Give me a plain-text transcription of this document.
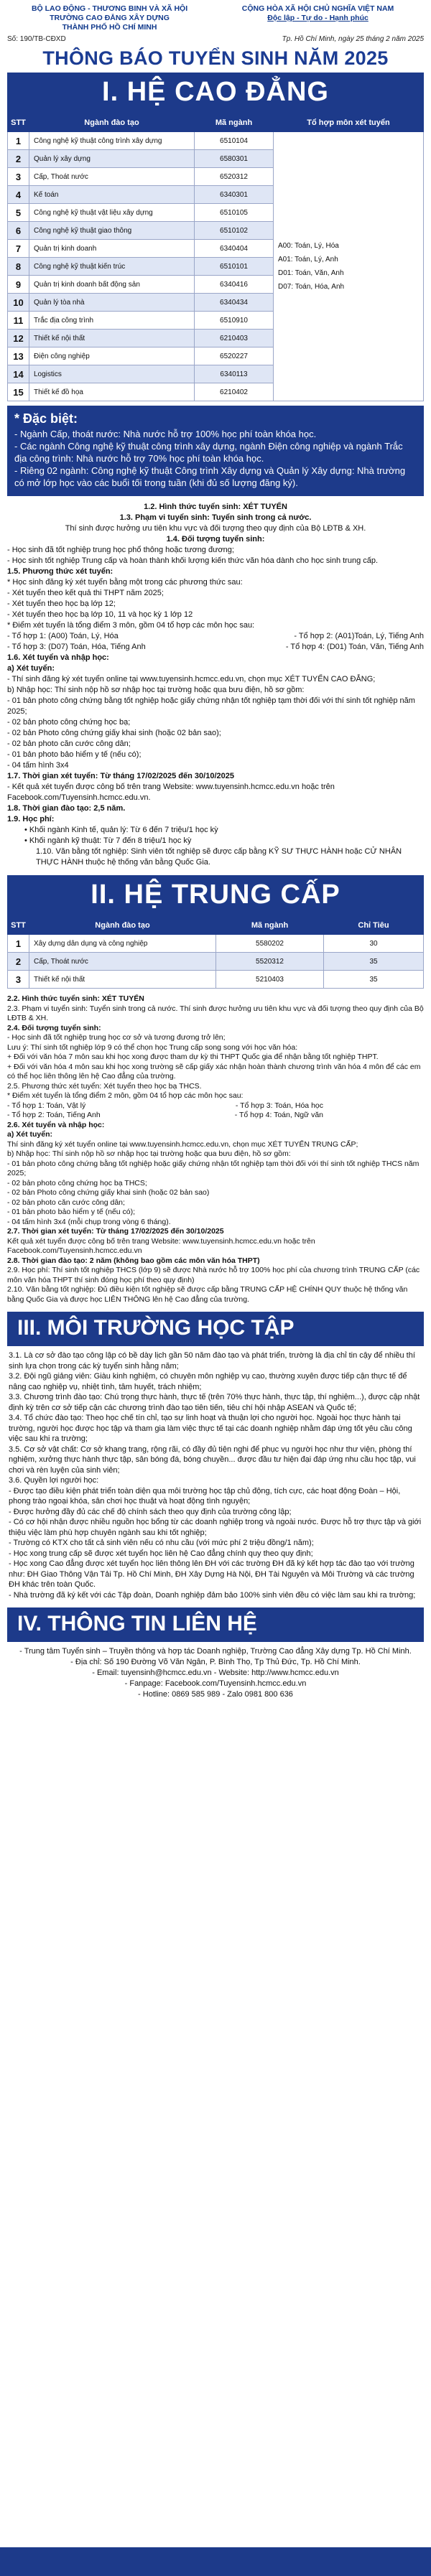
BỘ LAO ĐỘNG - THƯƠNG BINH VÀ XÃ HỘI
TRƯỜNG CAO ĐẲNG XÂY DỰNG
THÀNH PHỐ HỒ CHÍ MINH
CỘNG HÒA XÃ HỘI CHỦ NGHĨA VIỆT NAM
Độc lập - Tự do - Hạnh phúc
Số: 190/TB-CĐXD	Tp. Hồ Chí Minh, ngày 25 tháng 2 năm 2025
THÔNG BÁO TUYỂN SINH NĂM 2025
I. HỆ CAO ĐẲNG
STT	Ngành đào tạo	Mã ngành	Tổ hợp môn xét tuyển
1	Công nghệ kỹ thuật công trình xây dựng	6510104	A00: Toán, Lý, Hóa
A01: Toán, Lý, Anh
D01: Toán, Văn, Anh
D07: Toán, Hóa, Anh

2	Quản lý xây dựng	6580301	
3	Cấp, Thoát nước	6520312	
4	Kế toán	6340301	
5	Công nghệ kỹ thuật vật liệu xây dựng	6510105	
6	Công nghệ kỹ thuật giao thông	6510102	
7	Quản trị kinh doanh	6340404	
8	Công nghệ kỹ thuật kiến trúc	6510101	
9	Quản trị kinh doanh bất động sản	6340416	
10	Quản lý tòa nhà	6340434	
11	Trắc địa công trình	6510910	
12	Thiết kế nội thất	6210403	
13	Điện công nghiệp	6520227	
14	Logistics	6340113	
15	Thiết kế đồ họa	6210402	
* Đặc biệt:
- Ngành Cấp, thoát nước: Nhà nước hỗ trợ 100% học phí toàn khóa học.
- Các ngành Công nghệ kỹ thuật công trình xây dựng, ngành Điện công nghiệp và ngành Trắc địa công trình: Nhà nước hỗ trợ 70% học phí toàn khóa học.
- Riêng 02 ngành: Công nghệ kỹ thuật Công trình Xây dựng và Quản lý Xây dựng: Nhà trường có mở lớp học vào các buổi tối trong tuần (khi đủ số lượng đăng ký).

1.2. Hình thức tuyển sinh: XÉT TUYỂN

1.3. Phạm vi tuyển sinh: Tuyển sinh trong cả nước.

Thí sinh được hưởng ưu tiên khu vực và đối tượng theo quy định của Bộ LĐTB & XH.

1.4. Đối tượng tuyển sinh:

- Học sinh đã tốt nghiệp trung học phổ thông hoặc tương đương;

- Học sinh tốt nghiệp Trung cấp và hoàn thành khối lượng kiến thức văn hóa dành cho học sinh trung cấp.

1.5. Phương thức xét tuyển:

* Học sinh đăng ký xét tuyển bằng một trong các phương thức sau:

- Xét tuyển theo kết quả thi THPT năm 2025;

- Xét tuyển theo học bạ lớp 12;

- Xét tuyển theo học bạ lớp 10, 11 và học kỳ 1 lớp 12

* Điểm xét tuyển là tổng điểm 3 môn, gồm 04 tổ hợp các môn học sau:

- Tổ hợp 1: (A00) Toán, Lý, Hóa	- Tổ hợp 2: (A01)Toán, Lý, Tiếng Anh
- Tổ hợp 3: (D07) Toán, Hóa, Tiếng Anh	- Tổ hợp 4: (D01) Toán, Văn, Tiếng Anh

1.6. Xét tuyển và nhập học:

a) Xét tuyển:

- Thí sinh đăng ký xét tuyển online tại www.tuyensinh.hcmcc.edu.vn, chọn mục XÉT TUYỂN CAO ĐẲNG;

b) Nhập học: Thí sinh nộp hồ sơ nhập học tại trường hoặc qua bưu điện, hồ sơ gồm:

- 01 bản photo công chứng bằng tốt nghiệp hoặc giấy chứng nhận tốt nghiệp tạm thời đối với thí sinh tốt nghiệp năm 2025;

- 02 bản photo công chứng học bạ;

- 02 bản Photo công chứng giấy khai sinh (hoặc 02 bản sao);

- 02 bản photo căn cước công dân;

- 01 bản photo bảo hiểm y tế (nếu có);

- 04 tấm hình 3x4

1.7. Thời gian xét tuyển: Từ tháng 17/02/2025 đến 30/10/2025

- Kết quả xét tuyển được công bố trên trang Website: www.tuyensinh.hcmcc.edu.vn hoặc trên Facebook.com/Tuyensinh.hcmcc.edu.vn.

1.8. Thời gian đào tạo: 2,5 năm.

1.9. Học phí:

• Khối ngành Kinh tế, quản lý: Từ 6 đến 7 triệu/1 học kỳ

• Khối ngành kỹ thuật: Từ 7 đến 8 triệu/1 học kỳ

1.10. Văn bằng tốt nghiệp: Sinh viên tốt nghiệp sẽ được cấp bằng KỸ SƯ THỰC HÀNH hoặc CỬ NHÂN THỰC HÀNH thuộc hệ thống văn bằng Quốc Gia.

II. HỆ TRUNG CẤP
STT	Ngành đào tạo	Mã ngành	Chỉ Tiêu
1	Xây dựng dân dụng và công nghiệp	5580202	30
2	Cấp, Thoát nước	5520312	35
3	Thiết kế nội thất	5210403	35

2.2. Hình thức tuyển sinh: XÉT TUYỂN

2.3. Phạm vi tuyển sinh: Tuyển sinh trong cả nước. Thí sinh được hưởng ưu tiên khu vực và đối tượng theo quy định của Bộ LĐTB & XH.

2.4. Đối tượng tuyển sinh:

- Học sinh đã tốt nghiệp trung học cơ sở và tương đương trở lên;

Lưu ý: Thí sinh tốt nghiệp lớp 9 có thể chọn học Trung cấp song song với học văn hóa:

+ Đối với văn hóa 7 môn sau khi học xong được tham dự kỳ thi THPT Quốc gia để nhận bằng tốt nghiệp THPT.

+ Đối với văn hóa 4 môn sau khi học xong trường sẽ cấp giấy xác nhận hoàn thành chương trình văn hóa 4 môn để các em có thể học liên thông lên hệ Cao đẳng của trường.

2.5. Phương thức xét tuyển: Xét tuyển theo học bạ THCS.

* Điểm xét tuyển là tổng điểm 2 môn, gồm 04 tổ hợp các môn học sau:

- Tổ hợp 1: Toán, Vật lý	- Tổ hợp 3: Toán, Hóa học
- Tổ hợp 2: Toán, Tiếng Anh	- Tổ hợp 4: Toán, Ngữ văn

2.6. Xét tuyển và nhập học:

a) Xét tuyển:

Thí sinh đăng ký xét tuyển online tại www.tuyensinh.hcmcc.edu.vn, chọn mục XÉT TUYỂN TRUNG CẤP;

b) Nhập học: Thí sinh nộp hồ sơ nhập học tại trường hoặc qua bưu điện, hồ sơ gồm:

- 01 bản photo công chứng bằng tốt nghiệp hoặc giấy chứng nhận tốt nghiệp tạm thời đối với thí sinh tốt nghiệp THCS năm 2025;

- 02 bản photo công chứng học bạ THCS;

- 02 bản Photo công chứng giấy khai sinh (hoặc 02 bản sao)

- 02 bản photo căn cước công dân;

- 01 bản photo bảo hiểm y tế (nếu có);

- 04 tấm hình 3x4 (mỗi chụp trong vòng 6 tháng).

2.7. Thời gian xét tuyển: Từ tháng 17/02/2025 đến 30/10/2025

Kết quả xét tuyển được công bố trên trang Website: www.tuyensinh.hcmcc.edu.vn hoặc trên Facebook.com/Tuyensinh.hcmcc.edu.vn

2.8. Thời gian đào tạo: 2 năm (không bao gồm các môn văn hóa THPT)

2.9. Học phí: Thí sinh tốt nghiệp THCS (lớp 9) sẽ được Nhà nước hỗ trợ 100% học phí của chương trình TRUNG CẤP (các môn văn hóa THPT thí sinh đóng học phí theo quy định)

2.10. Văn bằng tốt nghiệp: Đủ điều kiện tốt nghiệp sẽ được cấp bằng TRUNG CẤP HỆ CHÍNH QUY thuộc hệ thống văn bằng Quốc Gia và được học LIÊN THÔNG lên hệ Cao đẳng của trường.

III. MÔI TRƯỜNG HỌC TẬP

3.1. Là cơ sở đào tạo công lập có bề dày lịch gần 50 năm đào tạo và phát triển, trường là địa chỉ tin cậy để nhiều thí sinh lựa chọn trong các kỳ tuyển sinh hằng năm;

3.2. Đội ngũ giảng viên: Giàu kinh nghiệm, có chuyên môn nghiệp vụ cao, thường xuyên được tiếp cận thực tế để nâng cao nghiệp vụ, nhiệt tình, tâm huyết, trách nhiệm;

3.3. Chương trình đào tạo: Chú trọng thực hành, thực tế (trên 70% thực hành, thực tập, thí nghiệm...), được cập nhật định kỳ trên cơ sở tiếp cận các chương trình đào tạo tiên tiến, tiêu chí hội nhập ASEAN và Quốc tế;

3.4. Tổ chức đào tạo: Theo học chế tín chỉ, tạo sự linh hoạt và thuận lợi cho người học. Ngoài học thực hành tại trường, người học được học tập và tham gia làm việc thực tế tại các doanh nghiệp nhằm đáp ứng tốt yêu cầu công việc sau khi ra trường;

3.5. Cơ sở vật chất: Cơ sở khang trang, rộng rãi, có đầy đủ tiện nghi để phục vụ người học như thư viện, phòng thí nghiệm, xưởng thực hành thực tập, sân bóng đá, bóng chuyền... được đầu tư hiện đại đáp ứng nhu cầu học tập, vui chơi và rèn luyện của sinh viên;

3.6. Quyền lợi người học:

- Được tạo điều kiện phát triển toàn diện qua môi trường học tập chủ động, tích cực, các hoạt động Đoàn – Hội, phong trào ngoại khóa, sân chơi học thuật và hoạt động tình nguyện;

- Được hưởng đầy đủ các chế độ chính sách theo quy định của trường công lập;

- Có cơ hội nhận được nhiều nguồn học bổng từ các doanh nghiệp trong và ngoài nước. Được hỗ trợ thực tập và giới thiệu việc làm phù hợp chuyên ngành sau khi tốt nghiệp;

- Trường có KTX cho tất cả sinh viên nếu có nhu cầu (với mức phí 2 triệu đồng/1 năm);

- Học xong trung cấp sẽ được xét tuyển học liên hệ Cao đẳng chính quy theo quy định;

- Học xong Cao đẳng được xét tuyển học liên thông lên ĐH với các trường ĐH đã ký kết hợp tác đào tạo với trường như: ĐH Giao Thông Vận Tải Tp. Hồ Chí Minh, ĐH Xây Dựng Hà Nội, ĐH Tài Nguyên và Môi Trường và các trường ĐH khác trên toàn Quốc.

- Nhà trường đã ký kết với các Tập đoàn, Doanh nghiệp đảm bảo 100% sinh viên đều có việc làm sau khi ra trường;

IV. THÔNG TIN LIÊN HỆ

- Trung tâm Tuyển sinh – Truyền thông và hợp tác Doanh nghiệp, Trường Cao đẳng Xây dựng Tp. Hồ Chí Minh.

- Địa chỉ: Số 190 Đường Võ Văn Ngân, P. Bình Thọ, Tp Thủ Đức, Tp. Hồ Chí Minh.

- Email: tuyensinh@hcmcc.edu.vn - Website: http://www.hcmcc.edu.vn

- Fanpage: Facebook.com/Tuyensinh.hcmcc.edu.vn

- Hotline: 0869 585 989 - Zalo 0981 800 636
